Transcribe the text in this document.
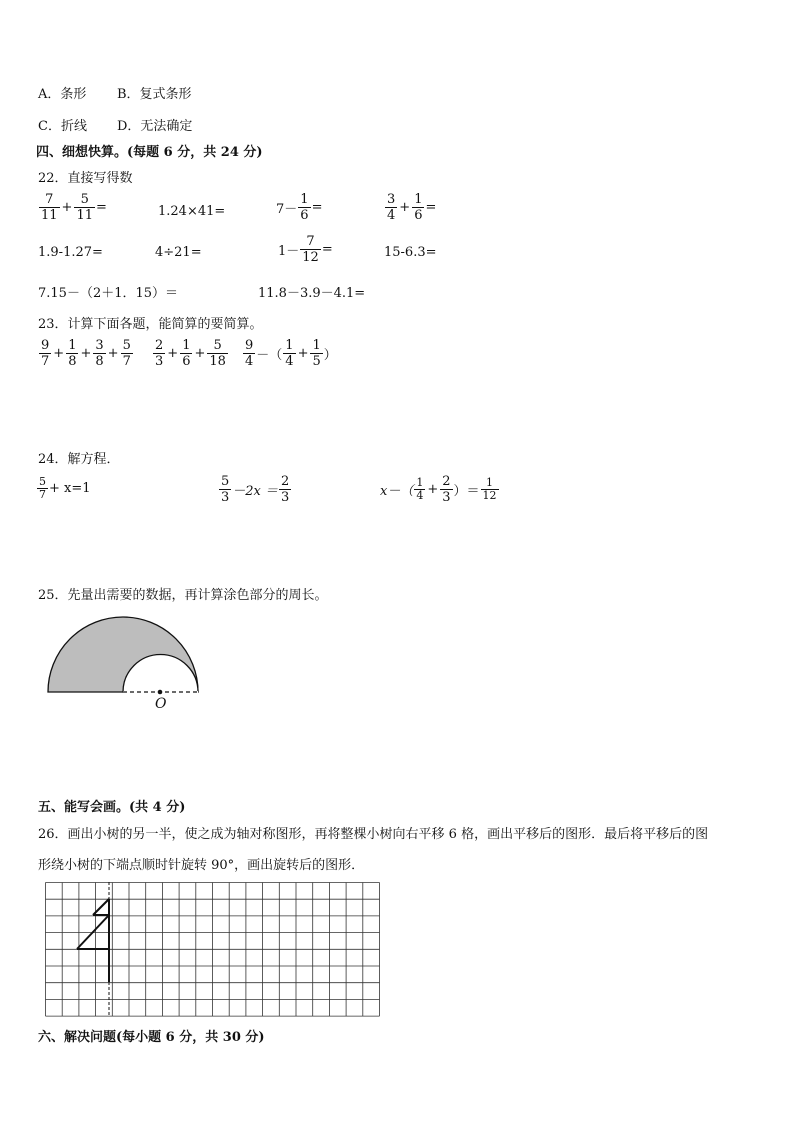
A．条形 B．复式条形
C．折线 D．无法确定
四、细想快算。(每题 6 分，共 24 分)
22．直接写得数
$\frac{7}{11} + \frac{5}{11}$ =	1.24×41=	$7- \frac{1}{6}$ =	$\frac{3}{4} + \frac{1}{6}$ =
1.9-1.27=	4÷21=	$1- \frac{7}{12}$ =	15-6.3=
7.15－（2＋1．15）＝	11.8－3.9－4.1=
23．计算下面各题，能简算的要简算。
$\frac{9}{7} + \frac{1}{8} + \frac{3}{8} + \frac{5}{7} \frac{2}{3} + \frac{1}{6} + \frac{5}{18} \frac{9}{4}$ －（ $\frac{1}{4} + \frac{1}{5}$ ）
24．解方程．
$\frac{5}{7} + x=1$	$\frac{5}{3} -2x = \frac{2}{3}$	$x-( \frac{1}{4} + \frac{2}{3}$ ）＝ $\frac{1}{12}$
25．先量出需要的数据，再计算涂色部分的周长。
O
五、能写会画。(共 4 分)
26．画出小树的另一半，使之成为轴对称图形，再将整棵小树向右平移 6 格，画出平移后的图形．最后将平移后的图
形绕小树的下端点顺时针旋转 90°，画出旋转后的图形．
六、解决问题(每小题 6 分，共 30 分)
